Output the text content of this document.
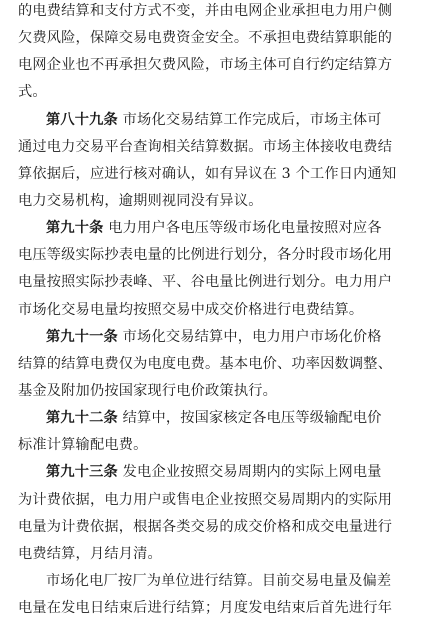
的电费结算和支付方式不变，并由电网企业承担电力用户侧
欠费风险，保障交易电费资金安全。不承担电费结算职能的
电网企业也不再承担欠费风险，市场主体可自行约定结算方
式。
第八十九条 市场化交易结算工作完成后，市场主体可
通过电力交易平台查询相关结算数据。市场主体接收电费结
算依据后，应进行核对确认，如有异议在 3 个工作日内通知
电力交易机构，逾期则视同没有异议。
第九十条 电力用户各电压等级市场化电量按照对应各
电压等级实际抄表电量的比例进行划分，各分时段市场化用
电量按照实际抄表峰、平、谷电量比例进行划分。电力用户
市场化交易电量均按照交易中成交价格进行电费结算。
第九十一条 市场化交易结算中，电力用户市场化价格
结算的结算电费仅为电度电费。基本电价、功率因数调整、
基金及附加仍按国家现行电价政策执行。
第九十二条 结算中，按国家核定各电压等级输配电价
标准计算输配电费。
第九十三条 发电企业按照交易周期内的实际上网电量
为计费依据，电力用户或售电企业按照交易周期内的实际用
电量为计费依据，根据各类交易的成交价格和成交电量进行
电费结算，月结月清。
市场化电厂按厂为单位进行结算。目前交易电量及偏差
电量在发电日结束后进行结算；月度发电结束后首先进行年
